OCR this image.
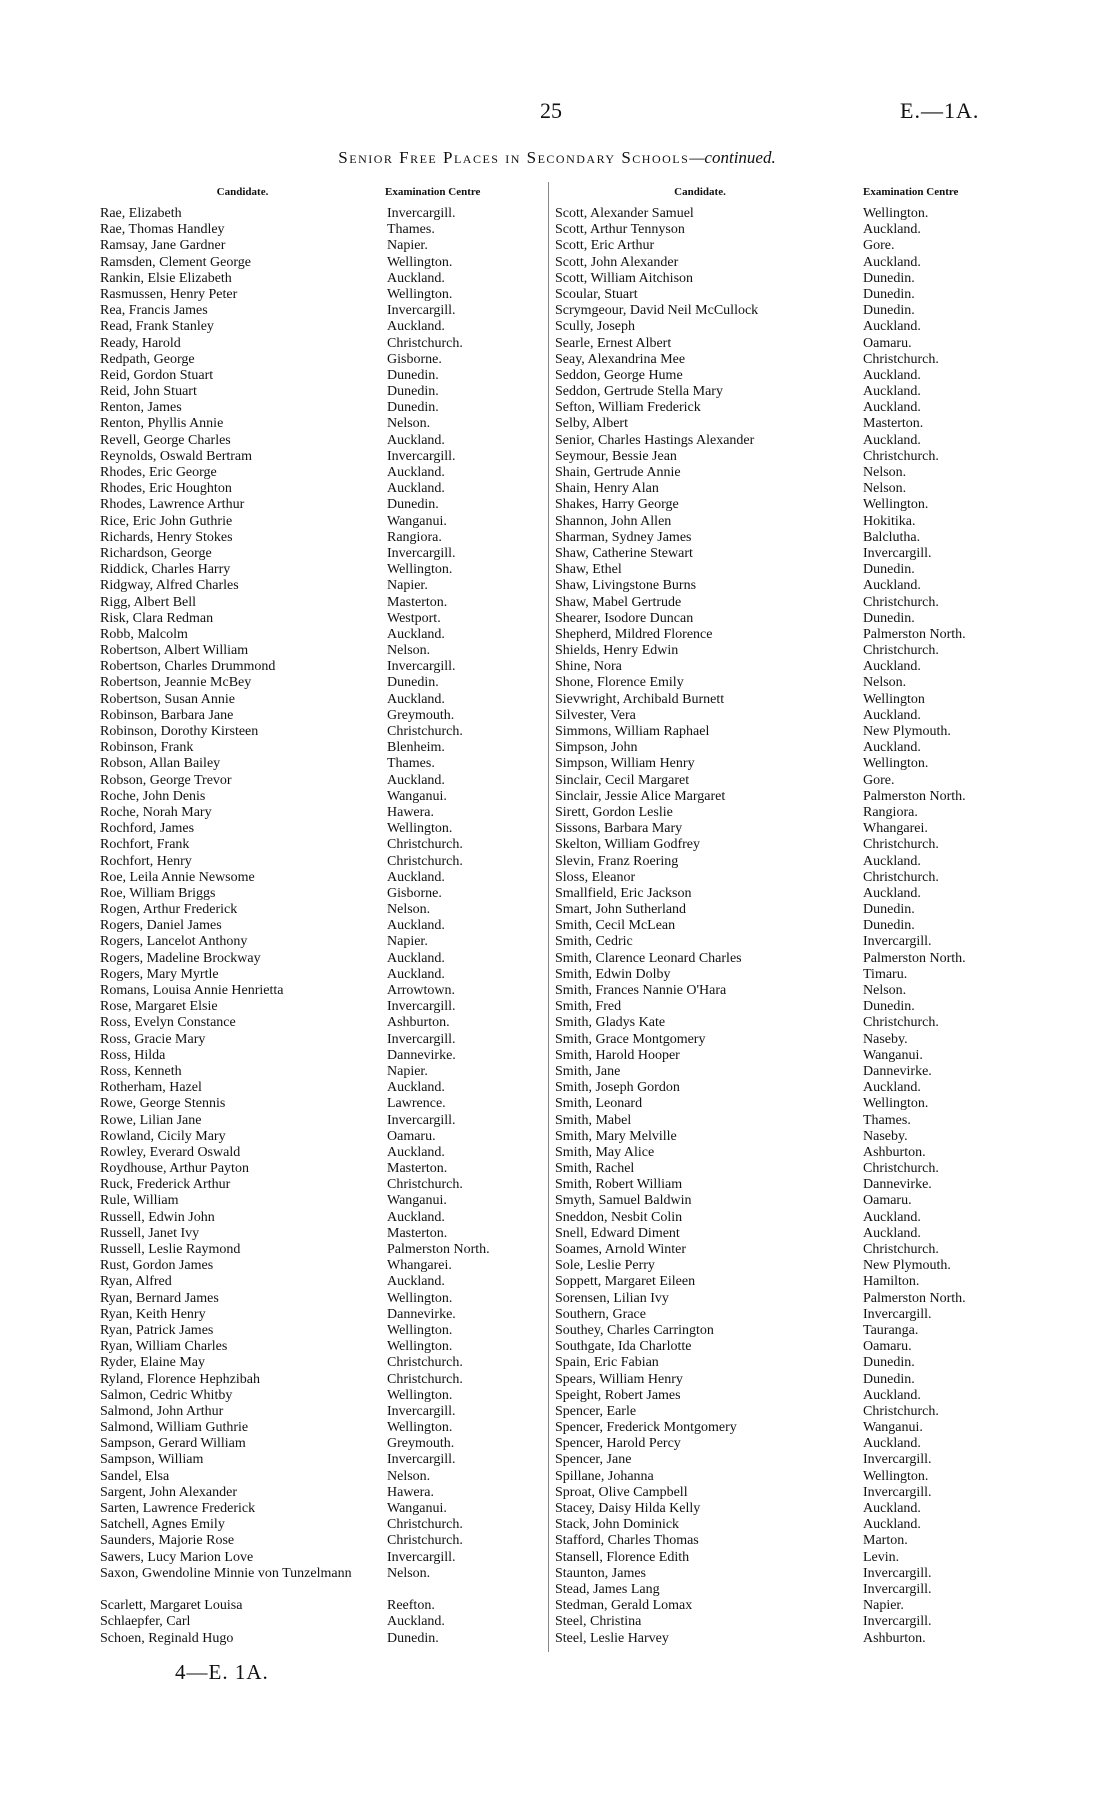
25	E.—1A.
Senior Free Places in Secondary Schools—continued.
Candidate.	Examination Centre
Rae, Elizabeth	Invercargill.
Rae, Thomas Handley	Thames.
Ramsay, Jane Gardner	Napier.
Ramsden, Clement George	Wellington.
Rankin, Elsie Elizabeth	Auckland.
Rasmussen, Henry Peter	Wellington.
Rea, Francis James	Invercargill.
Read, Frank Stanley	Auckland.
Ready, Harold	Christchurch.
Redpath, George	Gisborne.
Reid, Gordon Stuart	Dunedin.
Reid, John Stuart	Dunedin.
Renton, James	Dunedin.
Renton, Phyllis Annie	Nelson.
Revell, George Charles	Auckland.
Reynolds, Oswald Bertram	Invercargill.
Rhodes, Eric George	Auckland.
Rhodes, Eric Houghton	Auckland.
Rhodes, Lawrence Arthur	Dunedin.
Rice, Eric John Guthrie	Wanganui.
Richards, Henry Stokes	Rangiora.
Richardson, George	Invercargill.
Riddick, Charles Harry	Wellington.
Ridgway, Alfred Charles	Napier.
Rigg, Albert Bell	Masterton.
Risk, Clara Redman	Westport.
Robb, Malcolm	Auckland.
Robertson, Albert William	Nelson.
Robertson, Charles Drummond	Invercargill.
Robertson, Jeannie McBey	Dunedin.
Robertson, Susan Annie	Auckland.
Robinson, Barbara Jane	Greymouth.
Robinson, Dorothy Kirsteen	Christchurch.
Robinson, Frank	Blenheim.
Robson, Allan Bailey	Thames.
Robson, George Trevor	Auckland.
Roche, John Denis	Wanganui.
Roche, Norah Mary	Hawera.
Rochford, James	Wellington.
Rochfort, Frank	Christchurch.
Rochfort, Henry	Christchurch.
Roe, Leila Annie Newsome	Auckland.
Roe, William Briggs	Gisborne.
Rogen, Arthur Frederick	Nelson.
Rogers, Daniel James	Auckland.
Rogers, Lancelot Anthony	Napier.
Rogers, Madeline Brockway	Auckland.
Rogers, Mary Myrtle	Auckland.
Romans, Louisa Annie Henrietta	Arrowtown.
Rose, Margaret Elsie	Invercargill.
Ross, Evelyn Constance	Ashburton.
Ross, Gracie Mary	Invercargill.
Ross, Hilda	Dannevirke.
Ross, Kenneth	Napier.
Rotherham, Hazel	Auckland.
Rowe, George Stennis	Lawrence.
Rowe, Lilian Jane	Invercargill.
Rowland, Cicily Mary	Oamaru.
Rowley, Everard Oswald	Auckland.
Roydhouse, Arthur Payton	Masterton.
Ruck, Frederick Arthur	Christchurch.
Rule, William	Wanganui.
Russell, Edwin John	Auckland.
Russell, Janet Ivy	Masterton.
Russell, Leslie Raymond	Palmerston North.
Rust, Gordon James	Whangarei.
Ryan, Alfred	Auckland.
Ryan, Bernard James	Wellington.
Ryan, Keith Henry	Dannevirke.
Ryan, Patrick James	Wellington.
Ryan, William Charles	Wellington.
Ryder, Elaine May	Christchurch.
Ryland, Florence Hephzibah	Christchurch.
Salmon, Cedric Whitby	Wellington.
Salmond, John Arthur	Invercargill.
Salmond, William Guthrie	Wellington.
Sampson, Gerard William	Greymouth.
Sampson, William	Invercargill.
Sandel, Elsa	Nelson.
Sargent, John Alexander	Hawera.
Sarten, Lawrence Frederick	Wanganui.
Satchell, Agnes Emily	Christchurch.
Saunders, Majorie Rose	Christchurch.
Sawers, Lucy Marion Love	Invercargill.
Saxon, Gwendoline Minnie von Tunzelmann	Nelson.
Scarlett, Margaret Louisa	Reefton.
Schlaepfer, Carl	Auckland.
Schoen, Reginald Hugo	Dunedin.
Candidate.	Examination Centre
Scott, Alexander Samuel	Wellington.
Scott, Arthur Tennyson	Auckland.
Scott, Eric Arthur	Gore.
Scott, John Alexander	Auckland.
Scott, William Aitchison	Dunedin.
Scoular, Stuart	Dunedin.
Scrymgeour, David Neil McCullock	Dunedin.
Scully, Joseph	Auckland.
Searle, Ernest Albert	Oamaru.
Seay, Alexandrina Mee	Christchurch.
Seddon, George Hume	Auckland.
Seddon, Gertrude Stella Mary	Auckland.
Sefton, William Frederick	Auckland.
Selby, Albert	Masterton.
Senior, Charles Hastings Alexander	Auckland.
Seymour, Bessie Jean	Christchurch.
Shain, Gertrude Annie	Nelson.
Shain, Henry Alan	Nelson.
Shakes, Harry George	Wellington.
Shannon, John Allen	Hokitika.
Sharman, Sydney James	Balclutha.
Shaw, Catherine Stewart	Invercargill.
Shaw, Ethel	Dunedin.
Shaw, Livingstone Burns	Auckland.
Shaw, Mabel Gertrude	Christchurch.
Shearer, Isodore Duncan	Dunedin.
Shepherd, Mildred Florence	Palmerston North.
Shields, Henry Edwin	Christchurch.
Shine, Nora	Auckland.
Shone, Florence Emily	Nelson.
Sievwright, Archibald Burnett	Wellington
Silvester, Vera	Auckland.
Simmons, William Raphael	New Plymouth.
Simpson, John	Auckland.
Simpson, William Henry	Wellington.
Sinclair, Cecil Margaret	Gore.
Sinclair, Jessie Alice Margaret	Palmerston North.
Sirett, Gordon Leslie	Rangiora.
Sissons, Barbara Mary	Whangarei.
Skelton, William Godfrey	Christchurch.
Slevin, Franz Roering	Auckland.
Sloss, Eleanor	Christchurch.
Smallfield, Eric Jackson	Auckland.
Smart, John Sutherland	Dunedin.
Smith, Cecil McLean	Dunedin.
Smith, Cedric	Invercargill.
Smith, Clarence Leonard Charles	Palmerston North.
Smith, Edwin Dolby	Timaru.
Smith, Frances Nannie O'Hara	Nelson.
Smith, Fred	Dunedin.
Smith, Gladys Kate	Christchurch.
Smith, Grace Montgomery	Naseby.
Smith, Harold Hooper	Wanganui.
Smith, Jane	Dannevirke.
Smith, Joseph Gordon	Auckland.
Smith, Leonard	Wellington.
Smith, Mabel	Thames.
Smith, Mary Melville	Naseby.
Smith, May Alice	Ashburton.
Smith, Rachel	Christchurch.
Smith, Robert William	Dannevirke.
Smyth, Samuel Baldwin	Oamaru.
Sneddon, Nesbit Colin	Auckland.
Snell, Edward Diment	Auckland.
Soames, Arnold Winter	Christchurch.
Sole, Leslie Perry	New Plymouth.
Soppett, Margaret Eileen	Hamilton.
Sorensen, Lilian Ivy	Palmerston North.
Southern, Grace	Invercargill.
Southey, Charles Carrington	Tauranga.
Southgate, Ida Charlotte	Oamaru.
Spain, Eric Fabian	Dunedin.
Spears, William Henry	Dunedin.
Speight, Robert James	Auckland.
Spencer, Earle	Christchurch.
Spencer, Frederick Montgomery	Wanganui.
Spencer, Harold Percy	Auckland.
Spencer, Jane	Invercargill.
Spillane, Johanna	Wellington.
Sproat, Olive Campbell	Invercargill.
Stacey, Daisy Hilda Kelly	Auckland.
Stack, John Dominick	Auckland.
Stafford, Charles Thomas	Marton.
Stansell, Florence Edith	Levin.
Staunton, James	Invercargill.
Stead, James Lang	Invercargill.
Stedman, Gerald Lomax	Napier.
Steel, Christina	Invercargill.
Steel, Leslie Harvey	Ashburton.
4—E. 1A.
